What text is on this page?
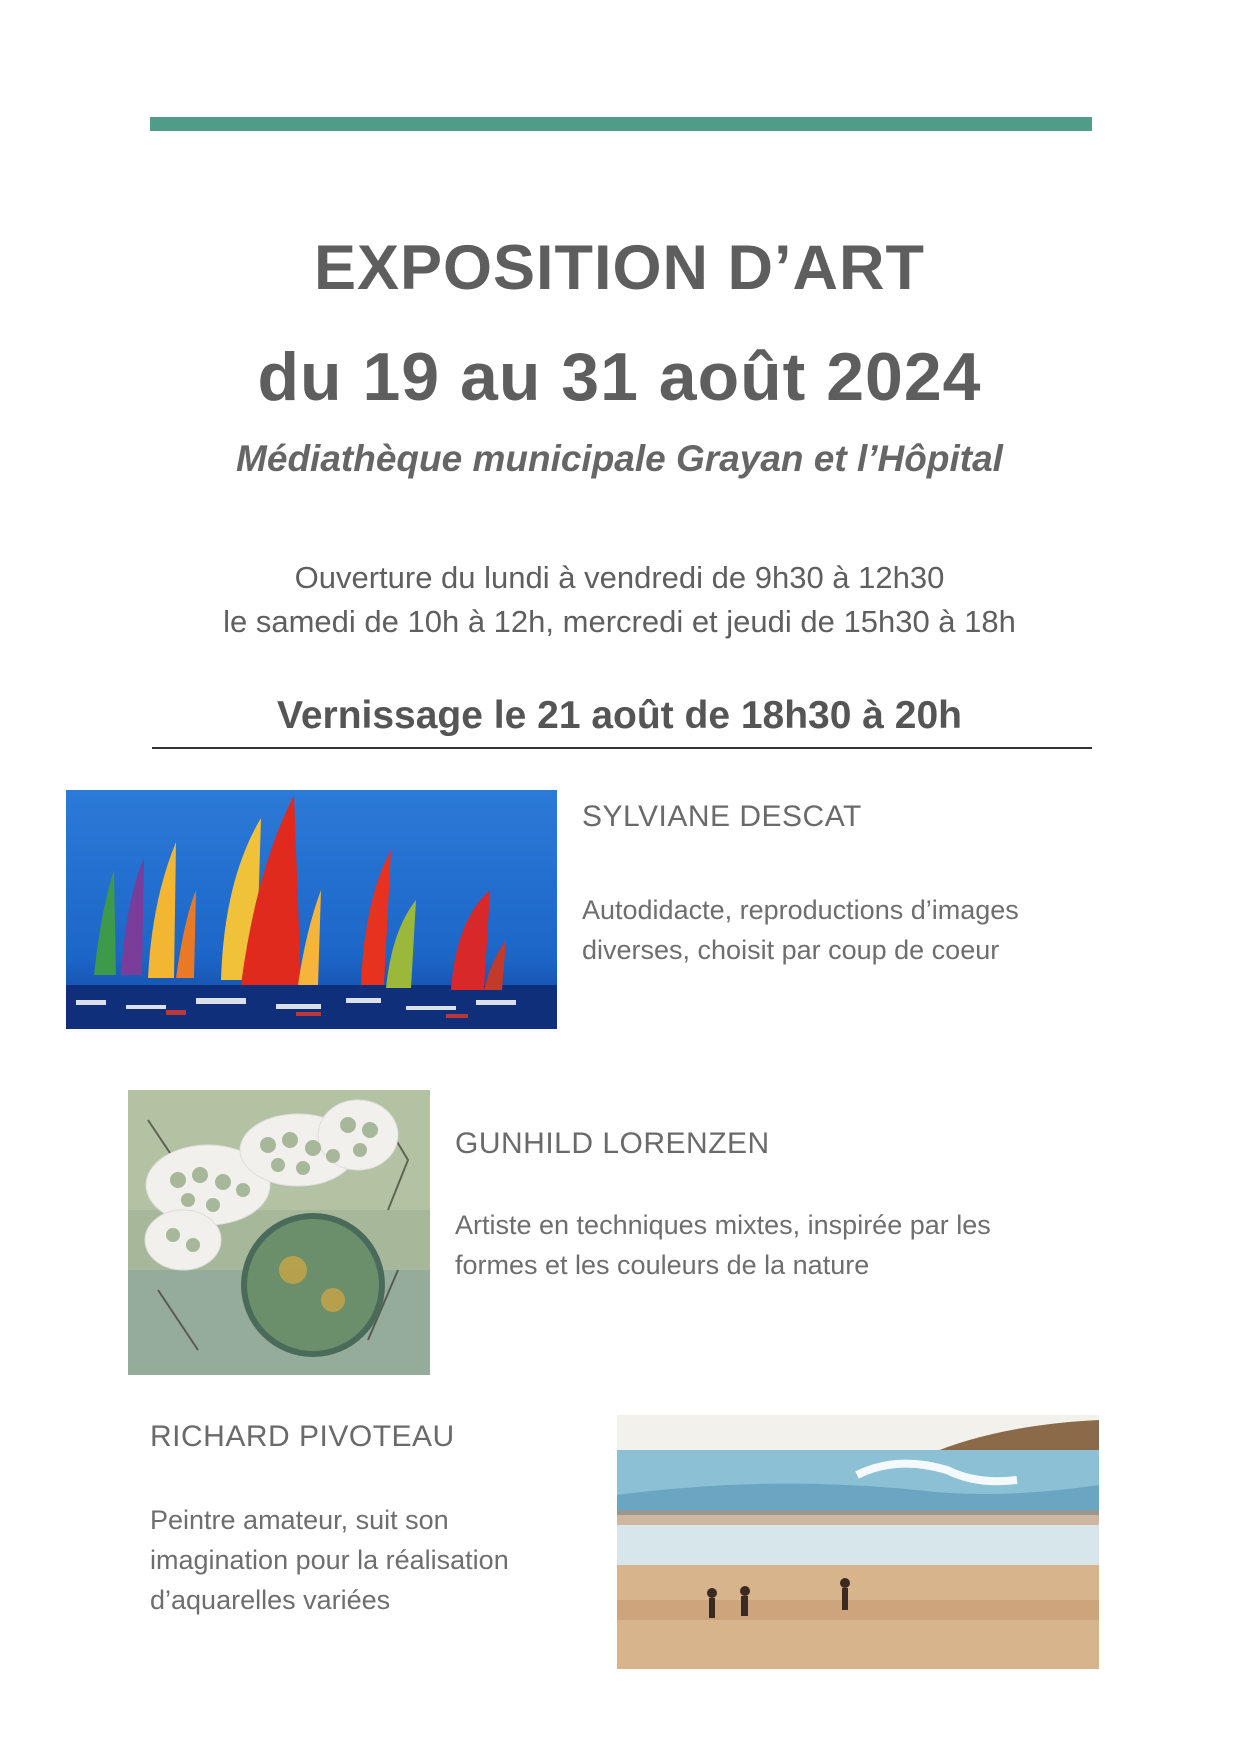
EXPOSITION D’ART
du 19 au 31 août 2024
Médiathèque municipale Grayan et l’Hôpital
Ouverture du lundi à vendredi de 9h30 à 12h30
le samedi de 10h à 12h, mercredi et jeudi de 15h30 à 18h
Vernissage le 21 août de 18h30 à 20h
SYLVIANE DESCAT
Autodidacte, reproductions d’images
diverses, choisit par coup de coeur
GUNHILD LORENZEN
Artiste en techniques mixtes, inspirée par les
formes et les couleurs de la nature
RICHARD PIVOTEAU
Peintre amateur, suit son
imagination pour la réalisation
d’aquarelles variées
